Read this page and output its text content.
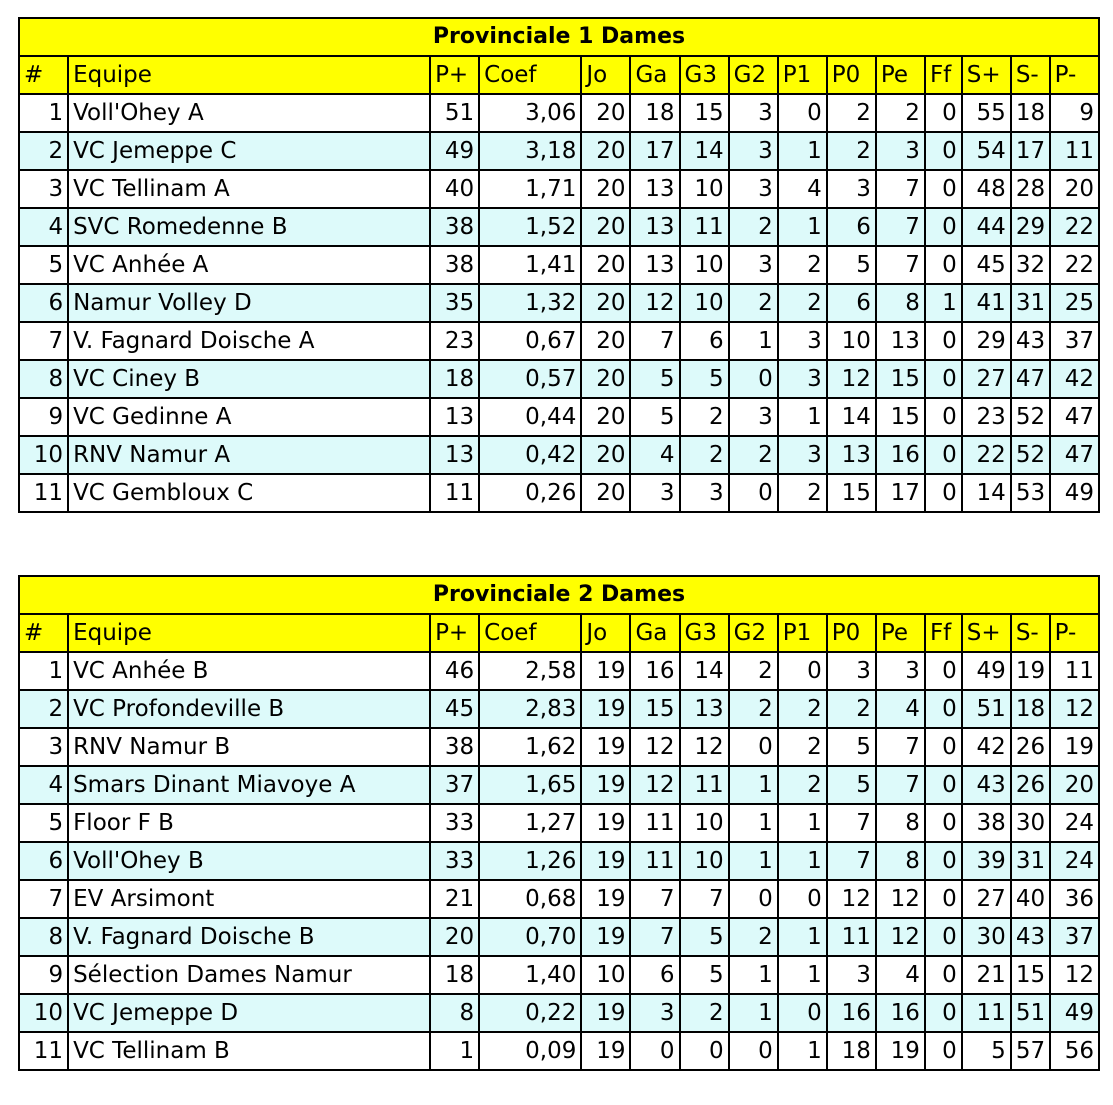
Provinciale 1 Dames														
#	Equipe	P+	Coef	Jo	Ga	G3	G2	P1	P0	Pe	Ff	S+	S-	P-
1	Voll'Ohey A	51	3,06	20	18	15	3	0	2	2	0	55	18	9
2	VC Jemeppe C	49	3,18	20	17	14	3	1	2	3	0	54	17	11
3	VC Tellinam A	40	1,71	20	13	10	3	4	3	7	0	48	28	20
4	SVC Romedenne B	38	1,52	20	13	11	2	1	6	7	0	44	29	22
5	VC Anhée A	38	1,41	20	13	10	3	2	5	7	0	45	32	22
6	Namur Volley D	35	1,32	20	12	10	2	2	6	8	1	41	31	25
7	V. Fagnard Doische A	23	0,67	20	7	6	1	3	10	13	0	29	43	37
8	VC Ciney B	18	0,57	20	5	5	0	3	12	15	0	27	47	42
9	VC Gedinne A	13	0,44	20	5	2	3	1	14	15	0	23	52	47
10	RNV Namur A	13	0,42	20	4	2	2	3	13	16	0	22	52	47
11	VC Gembloux C	11	0,26	20	3	3	0	2	15	17	0	14	53	49
Provinciale 2 Dames														
#	Equipe	P+	Coef	Jo	Ga	G3	G2	P1	P0	Pe	Ff	S+	S-	P-
1	VC Anhée B	46	2,58	19	16	14	2	0	3	3	0	49	19	11
2	VC Profondeville B	45	2,83	19	15	13	2	2	2	4	0	51	18	12
3	RNV Namur B	38	1,62	19	12	12	0	2	5	7	0	42	26	19
4	Smars Dinant Miavoye A	37	1,65	19	12	11	1	2	5	7	0	43	26	20
5	Floor F B	33	1,27	19	11	10	1	1	7	8	0	38	30	24
6	Voll'Ohey B	33	1,26	19	11	10	1	1	7	8	0	39	31	24
7	EV Arsimont	21	0,68	19	7	7	0	0	12	12	0	27	40	36
8	V. Fagnard Doische B	20	0,70	19	7	5	2	1	11	12	0	30	43	37
9	Sélection Dames Namur	18	1,40	10	6	5	1	1	3	4	0	21	15	12
10	VC Jemeppe D	8	0,22	19	3	2	1	0	16	16	0	11	51	49
11	VC Tellinam B	1	0,09	19	0	0	0	1	18	19	0	5	57	56
